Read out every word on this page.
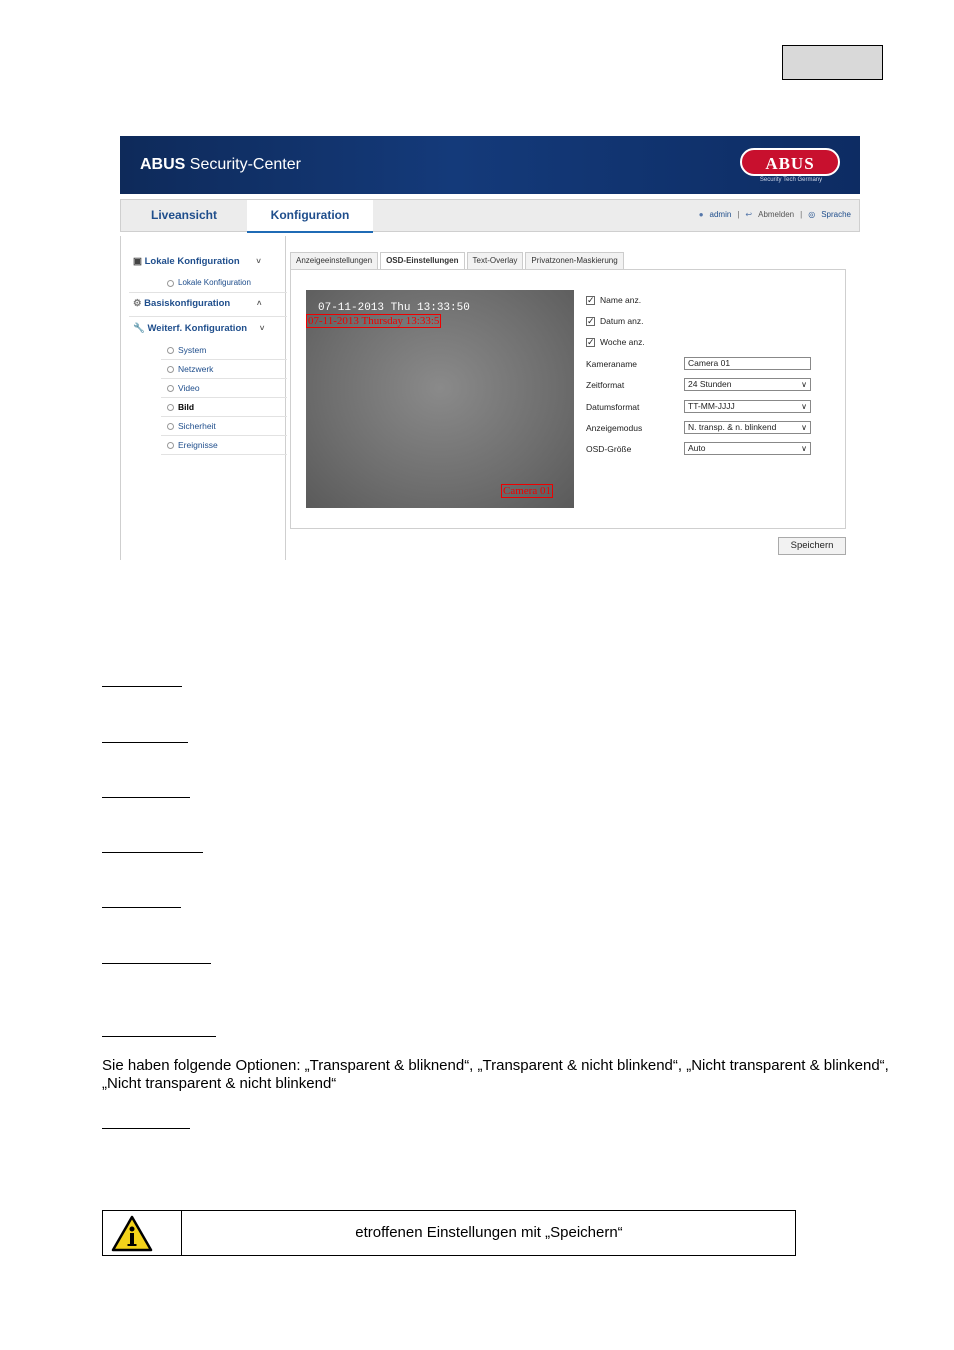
ABUS Security-Center	ABUS
Security Tech Germany
Liveansicht	Konfiguration	● admin | ↩ Abmelden | ◎ Sprache
▣ Lokale Konfiguration ˅
Lokale Konfiguration
⚙ Basiskonfiguration	˄
🔧 Weiterf. Konfiguration ˅
System
Netzwerk
Video
Bild
Sicherheit
Ereignisse
Anzeigeeinstellungen	OSD-Einstellungen	Text-Overlay	Privatzonen-Maskierung
07-11-2013 Thu 13:33:50
07-11-2013 Thursday 13:33:5
Camera 01
✓ Name anz.
✓ Datum anz.
✓ Woche anz.
Kameraname	Camera 01
Zeitformat	24 Stunden	∨
Datumsformat	TT-MM-JJJJ	∨
Anzeigemodus	N. transp. & n. blinkend	∨
OSD-Größe	Auto	∨
Speichern
Sie haben folgende Optionen: „Transparent & bliknend“, „Transparent & nicht blinkend“, „Nicht transparent & blinkend“, „Nicht transparent & nicht blinkend“
etroffenen Einstellungen mit „Speichern“
